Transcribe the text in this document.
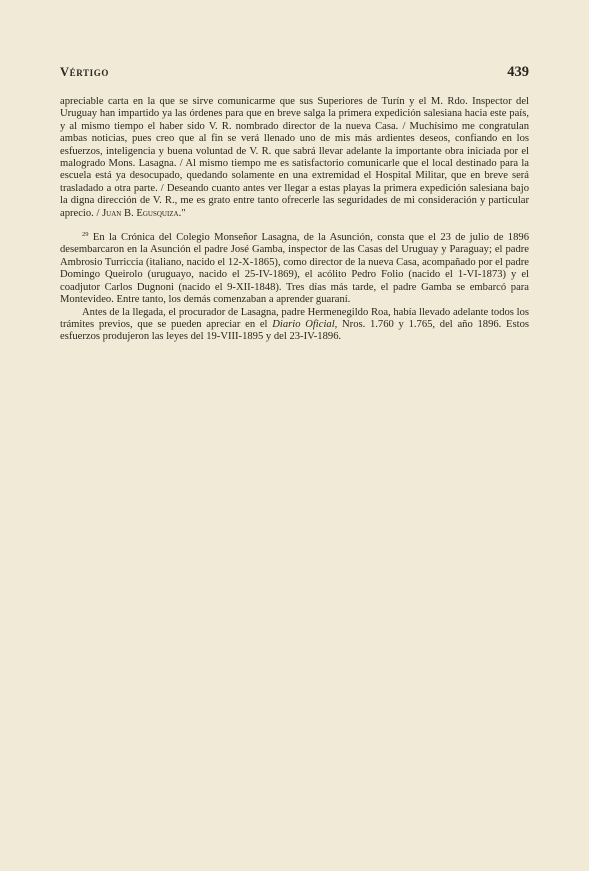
Vértigo	439

apreciable carta en la que se sirve comunicarme que sus Superiores de Turín y el M. Rdo. Inspector del Uruguay han impartido ya las órdenes para que en breve salga la primera expedición salesiana hacia este país, y al mismo tiempo el haber sido V. R. nombrado director de la nueva Casa. / Muchísimo me congratulan ambas noticias, pues creo que al fin se verá llenado uno de mis más ardientes deseos, confiando en los esfuerzos, inteligencia y buena voluntad de V. R. que sabrá llevar adelante la importante obra iniciada por el malogrado Mons. Lasagna. / Al mismo tiempo me es satisfactorio comunicarle que el local destinado para la escuela está ya desocupado, quedando solamente en una extremidad el Hospital Militar, que en breve será trasladado a otra parte. / Deseando cuanto antes ver llegar a estas playas la primera expedición salesiana bajo la digna dirección de V. R., me es grato entre tanto ofrecerle las seguridades de mi consideración y particular aprecio. / Juan B. Egusquiza."

$^{29}$ En la Crónica del Colegio Monseñor Lasagna, de la Asunción, consta que el 23 de julio de 1896 desembarcaron en la Asunción el padre José Gamba, inspector de las Casas del Uruguay y Paraguay; el padre Ambrosio Turriccia (italiano, nacido el 12-X-1865), como director de la nueva Casa, acompañado por el padre Domingo Queirolo (uruguayo, nacido el 25-IV-1869), el acólito Pedro Folio (nacido el 1-VI-1873) y el coadjutor Carlos Dugnoni (nacido el 9-XII-1848). Tres días más tarde, el padre Gamba se embarcó para Montevideo. Entre tanto, los demás comenzaban a aprender guaraní.

Antes de la llegada, el procurador de Lasagna, padre Hermenegildo Roa, había llevado adelante todos los trámites previos, que se pueden apreciar en el Diario Oficial, Nros. 1.760 y 1.765, del año 1896. Estos esfuerzos produjeron las leyes del 19-VIII-1895 y del 23-IV-1896.
